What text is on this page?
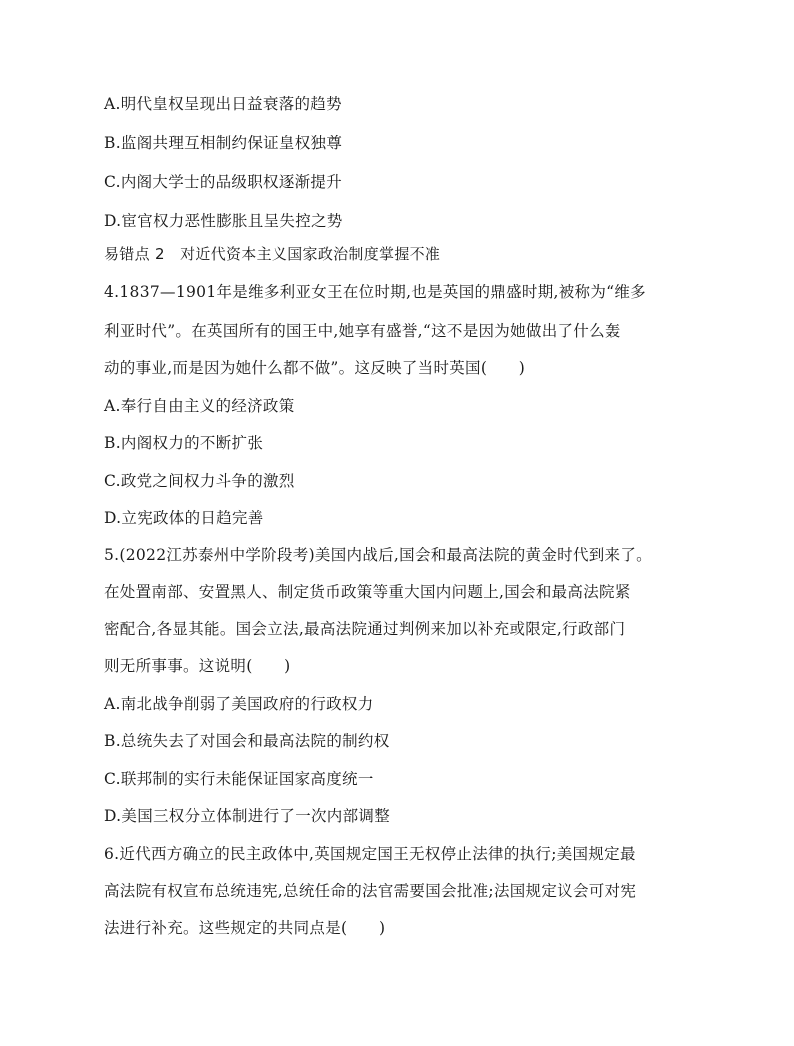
A.明代皇权呈现出日益衰落的趋势
B.监阁共理互相制约保证皇权独尊
C.内阁大学士的品级职权逐渐提升
D.宦官权力恶性膨胀且呈失控之势
易错点 2　对近代资本主义国家政治制度掌握不准
4.1837—1901年是维多利亚女王在位时期,也是英国的鼎盛时期,被称为“维多
利亚时代”。在英国所有的国王中,她享有盛誉,“这不是因为她做出了什么轰
动的事业,而是因为她什么都不做”。这反映了当时英国(　　)
A.奉行自由主义的经济政策
B.内阁权力的不断扩张
C.政党之间权力斗争的激烈
D.立宪政体的日趋完善
5.(2022江苏泰州中学阶段考)美国内战后,国会和最高法院的黄金时代到来了。
在处置南部、安置黑人、制定货币政策等重大国内问题上,国会和最高法院紧
密配合,各显其能。国会立法,最高法院通过判例来加以补充或限定,行政部门
则无所事事。这说明(　　)
A.南北战争削弱了美国政府的行政权力
B.总统失去了对国会和最高法院的制约权
C.联邦制的实行未能保证国家高度统一
D.美国三权分立体制进行了一次内部调整
6.近代西方确立的民主政体中,英国规定国王无权停止法律的执行;美国规定最
高法院有权宣布总统违宪,总统任命的法官需要国会批准;法国规定议会可对宪
法进行补充。这些规定的共同点是(　　)
